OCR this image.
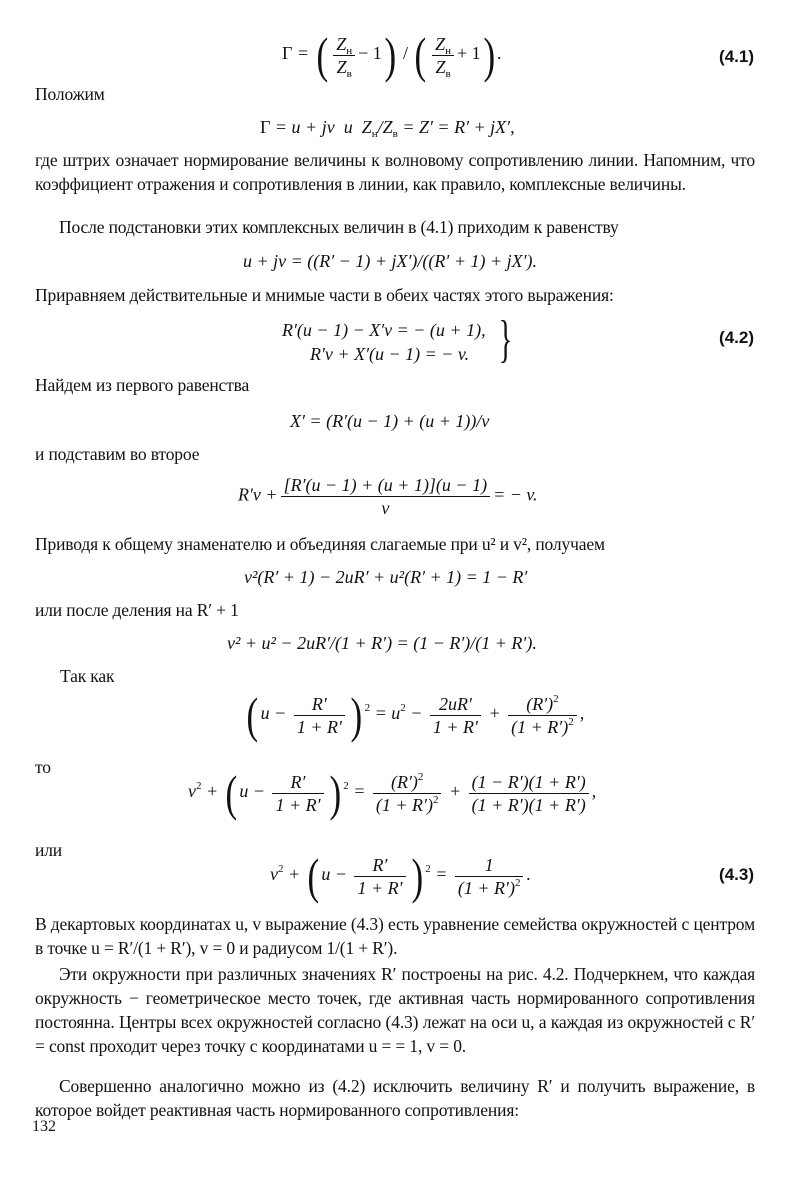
Γ = ( $\frac{Z_н}{Z_в} - 1$) / ( $\frac{Z_н}{Z_в} + 1$) .	(4.1)
Положим
Γ = u + jv  и  $Z_н/Z_в = Z' = R' + jX'$,
где штрих означает нормирование величины к волновому сопротивлению линии. Напомним, что коэффициент отражения и сопротивления в линии, как правило, комплексные величины.
После подстановки этих комплексных величин в (4.1) приходим к равенству
u + jv = ((R′ − 1) + jX′)/((R′ + 1) + jX′).
Приравняем действительные и мнимые части в обеих частях этого выражения:
R′(u − 1) − X′v = − (u + 1),
R′v + X′(u − 1) = − v. }	(4.2)
Найдем из первого равенства
X′ = (R′(u − 1) + (u + 1))/v
и подставим во второе
$R'v + \frac{[R'(u - 1) + (u + 1)](u - 1)}{v}$ = − v.
Приводя к общему знаменателю и объединяя слагаемые при u² и v², получаем
v²(R′ + 1) − 2uR′ + u²(R′ + 1) = 1 − R′
или после деления на R′ + 1
v² + u² − 2uR′/(1 + R′) = (1 − R′)/(1 + R′).
Так как
( $u - \frac{R'}{1 + R'}$ ) $^2 = u^2 - \frac{2uR'}{1 + R'} + \frac{(R')^2}{(1 + R')^2}$ ,
то
$v^2$ + ( $u - \frac{R'}{1 + R'}$ ) $^2 = \frac{(R')^2}{(1 + R')^2} + \frac{(1 - R')(1 + R')}{(1 + R')(1 + R')}$ ,
или
$v^2$ + ( $u - \frac{R'}{1 + R'}$ ) $^2 = \frac{1}{(1 + R')^2}$ .	(4.3)
В декартовых координатах u, v выражение (4.3) есть уравнение семейства окружностей с центром в точке u = R′/(1 + R′), v = 0 и радиусом 1/(1 + R′).
Эти окружности при различных значениях R′ построены на рис. 4.2. Подчеркнем, что каждая окружность − геометрическое место точек, где активная часть нормированного сопротивления постоянна. Центры всех окружностей согласно (4.3) лежат на оси u, а каждая из окружностей с R′ = const проходит через точку с координатами u = = 1, v = 0.
Совершенно аналогично можно из (4.2) исключить величину R′ и получить выражение, в которое войдет реактивная часть нормированного сопротивления:
132
